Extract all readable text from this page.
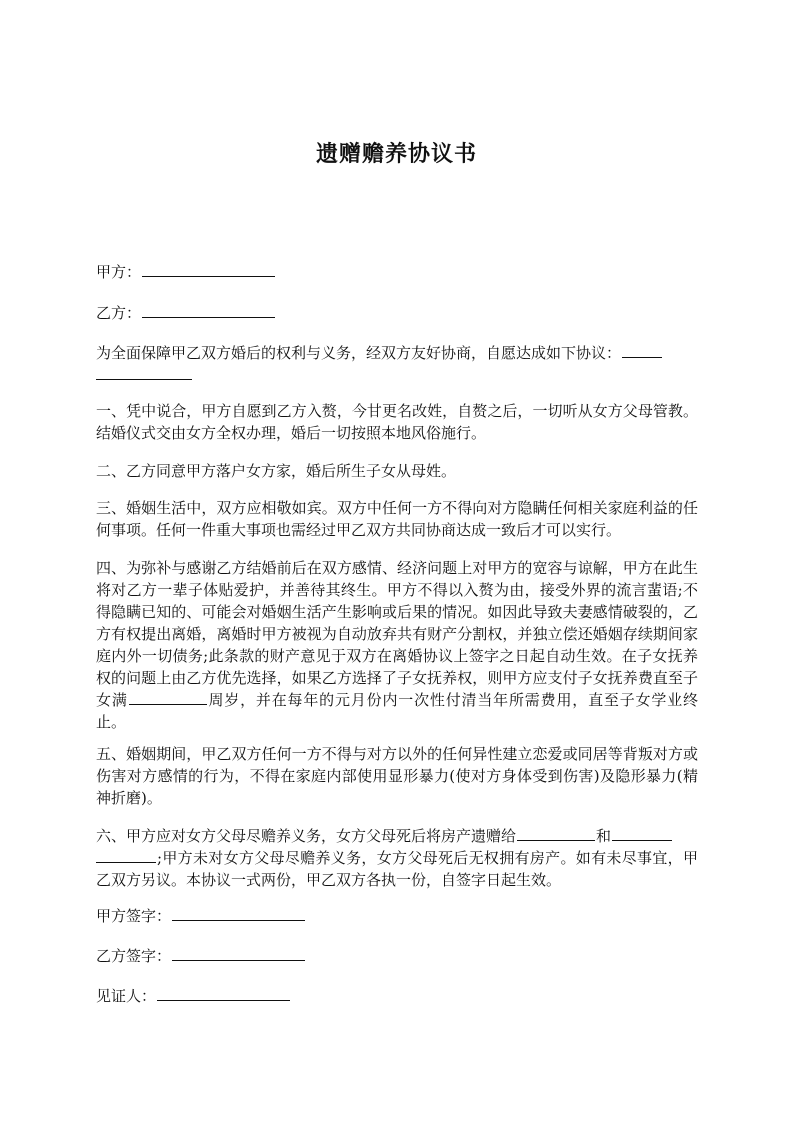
遗赠赡养协议书

甲方：

乙方：

为全面保障甲乙双方婚后的权利与义务，经双方友好协商，自愿达成如下协议：

一、凭中说合，甲方自愿到乙方入赘，今甘更名改姓，自赘之后，一切听从女方父母管教。结婚仪式交由女方全权办理，婚后一切按照本地风俗施行。

二、乙方同意甲方落户女方家，婚后所生子女从母姓。

三、婚姻生活中，双方应相敬如宾。双方中任何一方不得向对方隐瞒任何相关家庭利益的任何事项。任何一件重大事项也需经过甲乙双方共同协商达成一致后才可以实行。

四、为弥补与感谢乙方结婚前后在双方感情、经济问题上对甲方的宽容与谅解，甲方在此生将对乙方一辈子体贴爱护，并善待其终生。甲方不得以入赘为由，接受外界的流言蜚语;不得隐瞒已知的、可能会对婚姻生活产生影响或后果的情况。如因此导致夫妻感情破裂的，乙方有权提出离婚，离婚时甲方被视为自动放弃共有财产分割权，并独立偿还婚姻存续期间家庭内外一切债务;此条款的财产意见于双方在离婚协议上签字之日起自动生效。在子女抚养权的问题上由乙方优先选择，如果乙方选择了子女抚养权，则甲方应支付子女抚养费直至子女满	周岁，并在每年的元月份内一次性付清当年所需费用，直至子女学业终止。

五、婚姻期间，甲乙双方任何一方不得与对方以外的任何异性建立恋爱或同居等背叛对方或伤害对方感情的行为，不得在家庭内部使用显形暴力(使对方身体受到伤害)及隐形暴力(精神折磨)。

六、甲方应对女方父母尽赡养义务，女方父母死后将房产遗赠给	和
;甲方未对女方父母尽赡养义务，女方父母死后无权拥有房产。如有未尽事宜，甲乙双方另议。本协议一式两份，甲乙双方各执一份，自签字日起生效。

甲方签字：

乙方签字：

见证人：
